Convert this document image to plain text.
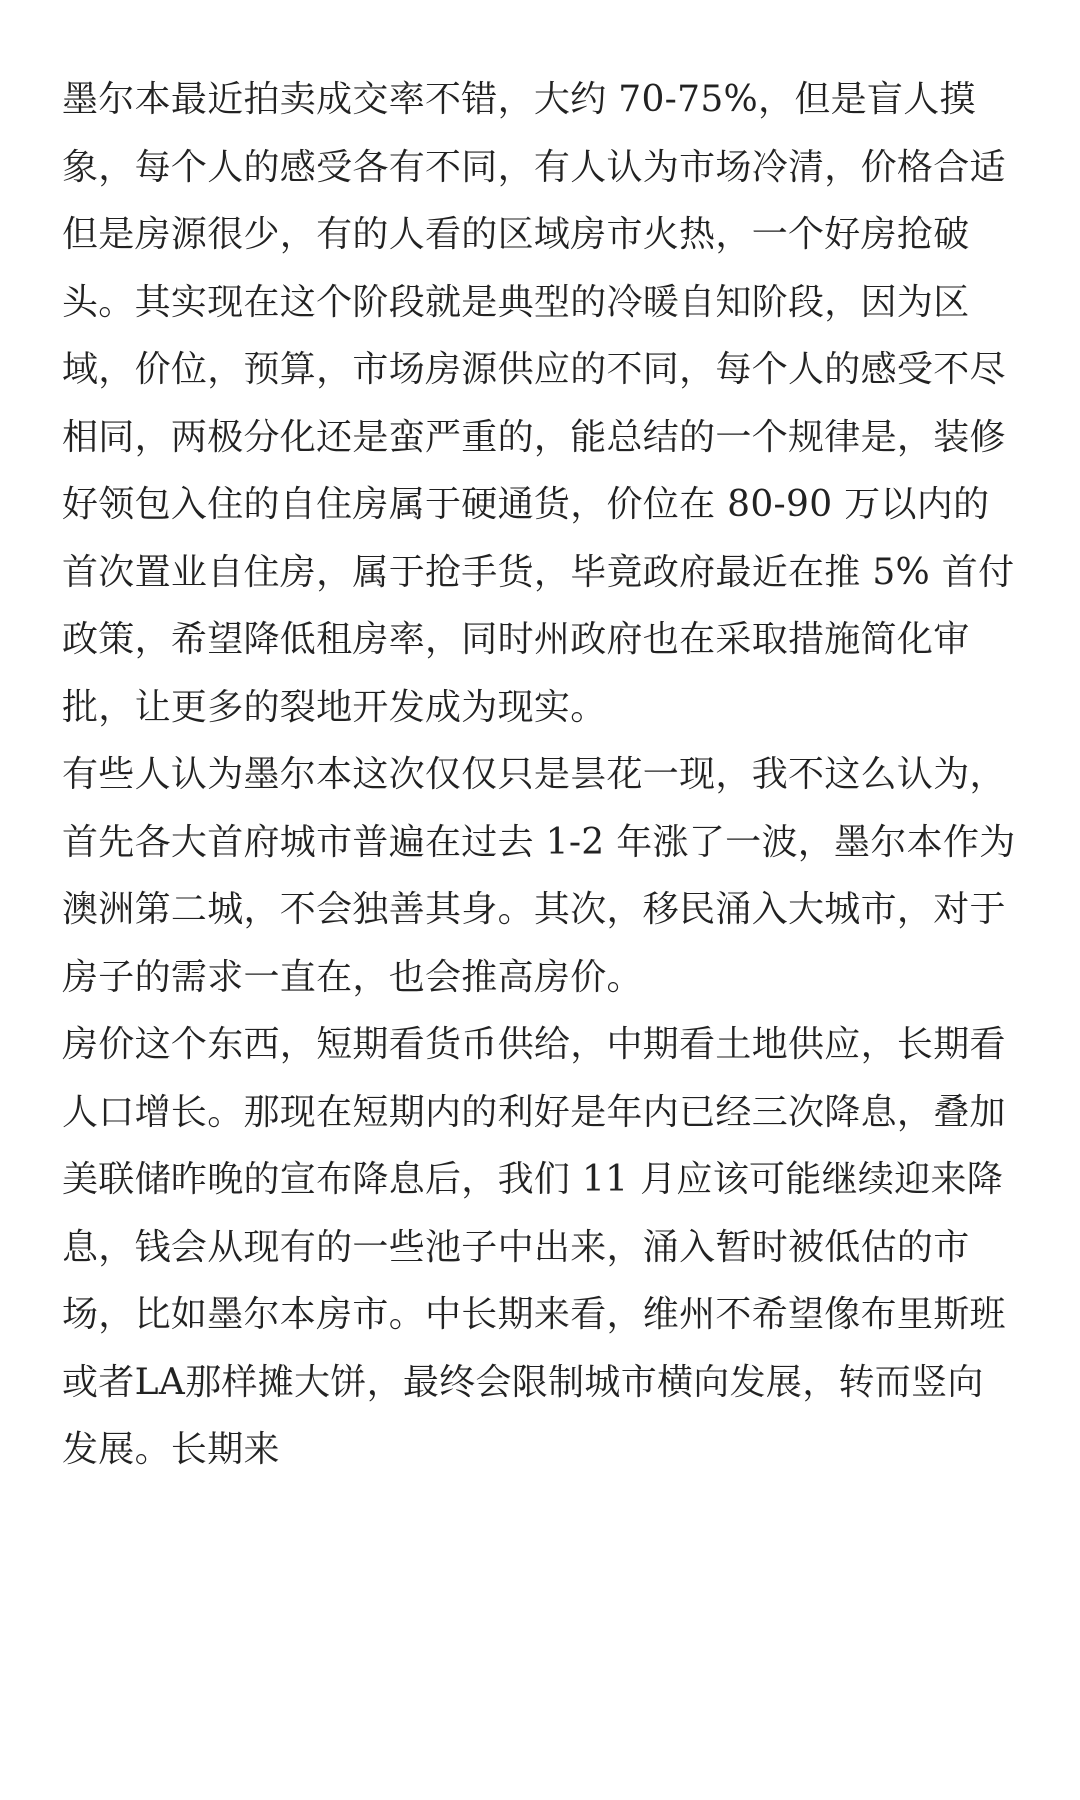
墨尔本最近拍卖成交率不错，大约 70-75%，但是盲人摸象，每个人的感受各有不同，有人认为市场冷清，价格合适但是房源很少，有的人看的区域房市火热，一个好房抢破头。其实现在这个阶段就是典型的冷暖自知阶段，因为区域，价位，预算，市场房源供应的不同，每个人的感受不尽相同，两极分化还是蛮严重的，能总结的一个规律是，装修好领包入住的自住房属于硬通货，价位在 80-90 万以内的首次置业自住房，属于抢手货，毕竟政府最近在推 5% 首付政策，希望降低租房率，同时州政府也在采取措施简化审批，让更多的裂地开发成为现实。

有些人认为墨尔本这次仅仅只是昙花一现，我不这么认为，首先各大首府城市普遍在过去 1-2 年涨了一波，墨尔本作为澳洲第二城，不会独善其身。其次，移民涌入大城市，对于房子的需求一直在，也会推高房价。

房价这个东西，短期看货币供给，中期看土地供应，长期看人口增长。那现在短期内的利好是年内已经三次降息，叠加美联储昨晚的宣布降息后，我们 11 月应该可能继续迎来降息，钱会从现有的一些池子中出来，涌入暂时被低估的市场，比如墨尔本房市。中长期来看，维州不希望像布里斯班或者LA那样摊大饼，最终会限制城市横向发展，转而竖向发展。长期来
